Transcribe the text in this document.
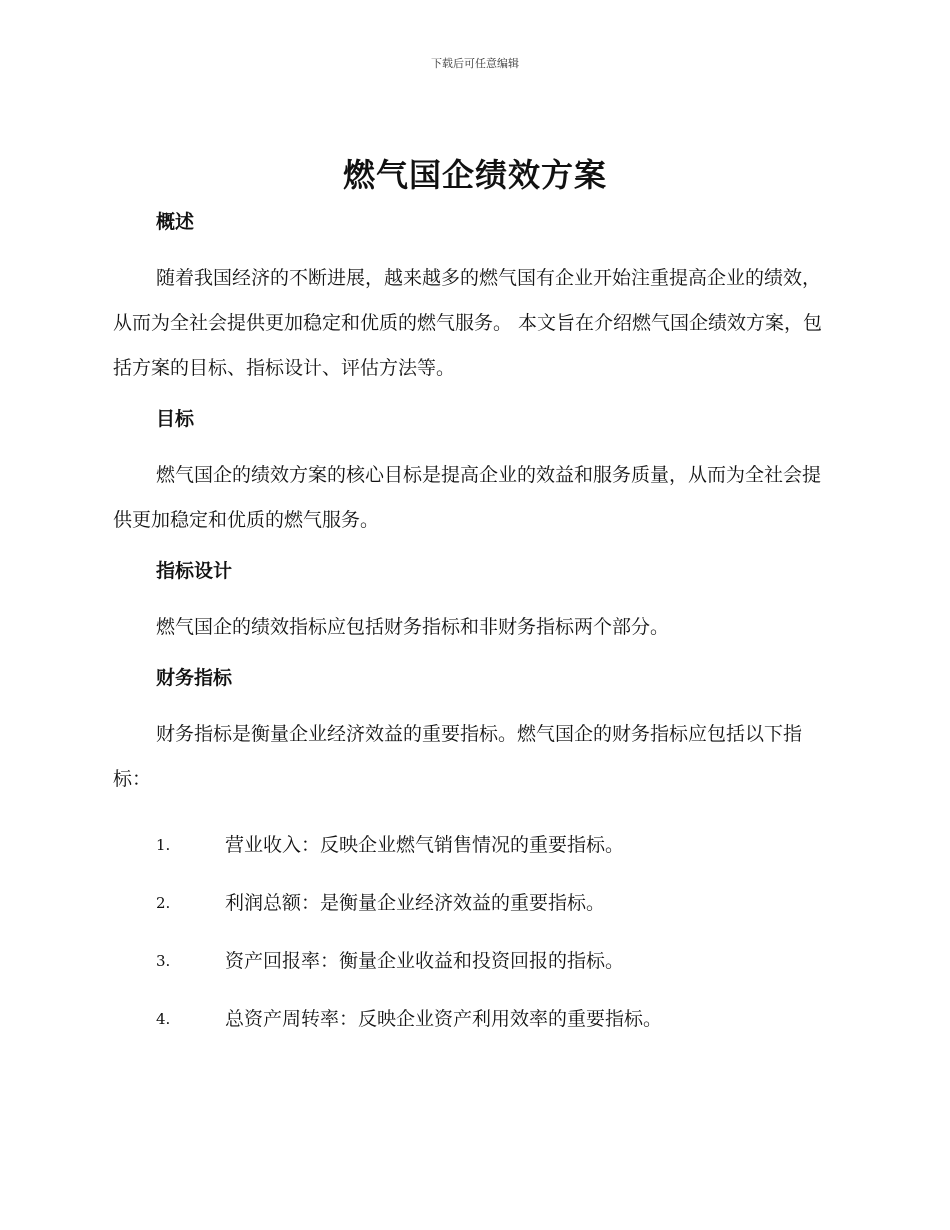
下载后可任意编辑
燃气国企绩效方案
概述

随着我国经济的不断进展，越来越多的燃气国有企业开始注重提高企业的绩效，从而为全社会提供更加稳定和优质的燃气服务。 本文旨在介绍燃气国企绩效方案，包括方案的目标、指标设计、评估方法等。

目标

燃气国企的绩效方案的核心目标是提高企业的效益和服务质量，从而为全社会提供更加稳定和优质的燃气服务。

指标设计

燃气国企的绩效指标应包括财务指标和非财务指标两个部分。

财务指标

财务指标是衡量企业经济效益的重要指标。燃气国企的财务指标应包括以下指标：

1.	营业收入：反映企业燃气销售情况的重要指标。
2.	利润总额：是衡量企业经济效益的重要指标。
3.	资产回报率：衡量企业收益和投资回报的指标。
4.	总资产周转率：反映企业资产利用效率的重要指标。
